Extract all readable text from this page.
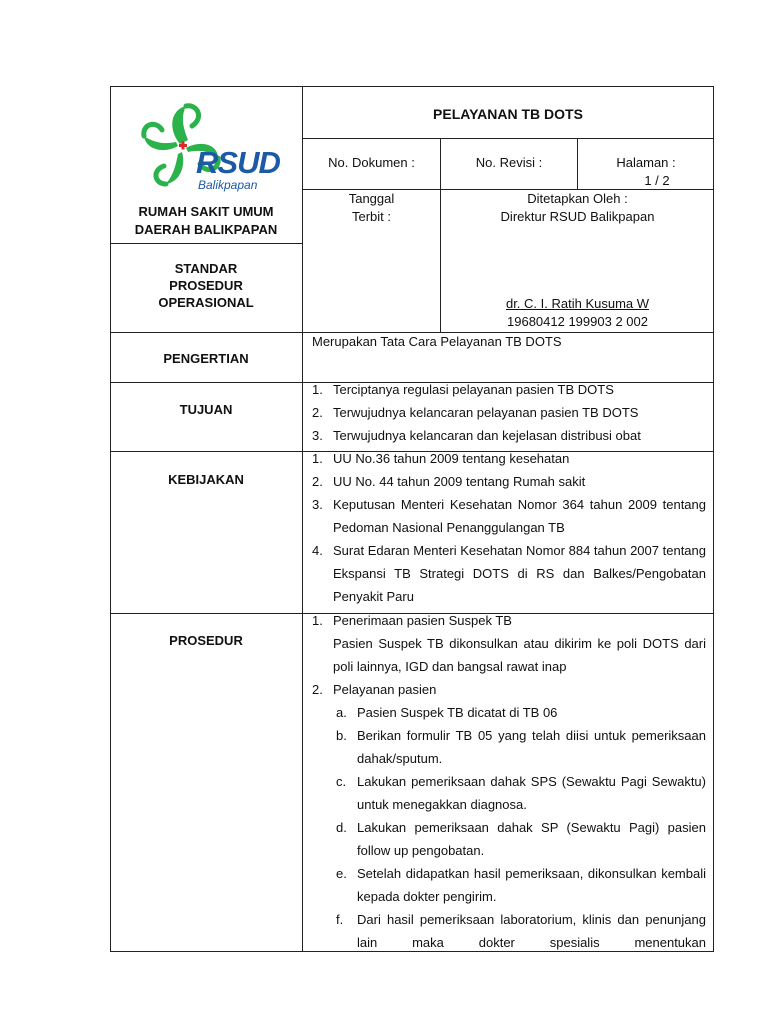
RSUD
Balikpapan
RUMAH SAKIT UMUM
DAERAH BALIKPAPAN
STANDAR
PROSEDUR
OPERASIONAL
PELAYANAN TB DOTS
No. Dokumen :	No. Revisi :	Halaman :
1 / 2
Tanggal
Terbit :
Ditetapkan Oleh :
Direktur RSUD Balikpapan
dr. C. I. Ratih Kusuma W
19680412 199903 2 002
PENGERTIAN
Merupakan Tata Cara Pelayanan TB DOTS
TUJUAN
1. Terciptanya regulasi pelayanan pasien TB DOTS
2. Terwujudnya kelancaran pelayanan pasien TB DOTS
3. Terwujudnya kelancaran dan kejelasan distribusi obat
KEBIJAKAN
1. UU No.36 tahun 2009 tentang kesehatan
2. UU No. 44 tahun 2009 tentang Rumah sakit
3. Keputusan Menteri Kesehatan Nomor 364 tahun 2009 tentang Pedoman Nasional Penanggulangan TB
4. Surat Edaran Menteri Kesehatan Nomor 884 tahun 2007 tentang Ekspansi TB Strategi DOTS di RS dan Balkes/Pengobatan Penyakit Paru
PROSEDUR
1. Penerimaan pasien Suspek TB
Pasien Suspek TB dikonsulkan atau dikirim ke poli DOTS dari poli lainnya, IGD dan bangsal rawat inap
2. Pelayanan pasien
a. Pasien Suspek TB dicatat di TB 06
b. Berikan formulir TB 05 yang telah diisi untuk pemeriksaan dahak/sputum.
c. Lakukan pemeriksaan dahak SPS (Sewaktu Pagi Sewaktu) untuk menegakkan diagnosa.
d. Lakukan pemeriksaan dahak SP (Sewaktu Pagi) pasien follow up pengobatan.
e. Setelah didapatkan hasil pemeriksaan, dikonsulkan kembali kepada dokter pengirim.
f. Dari hasil pemeriksaan laboratorium, klinis dan penunjang lain maka dokter spesialis menentukan
